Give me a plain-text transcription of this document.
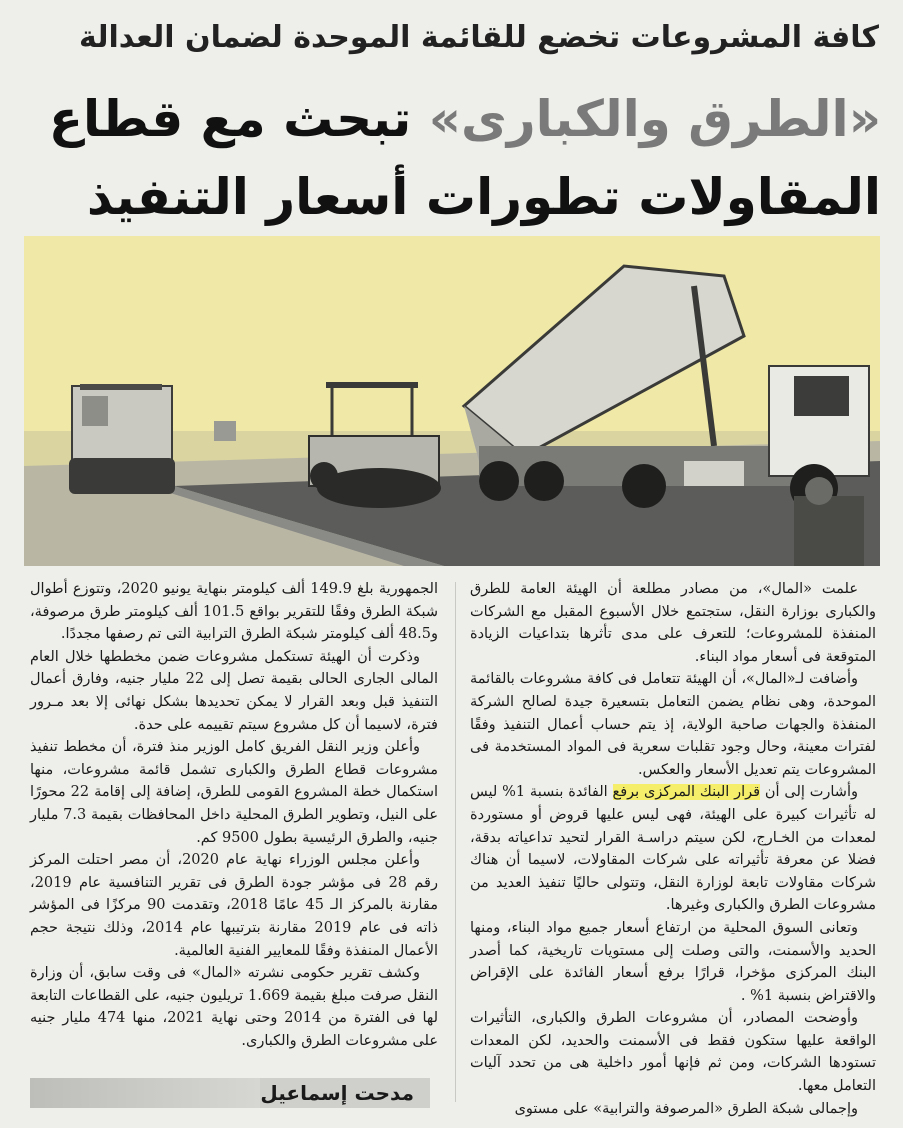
كافة المشروعات تخضع للقائمة الموحدة لضمان العدالة
«الطرق والكبارى» تبحث مع قطاع
المقاولات تطورات أسعار التنفيذ

علمت «المال»، من مصادر مطلعة أن الهيئة العامة للطرق والكبارى بوزارة النقل، ستجتمع خلال الأسبوع المقبل مع الشركات المنفذة للمشروعات؛ للتعرف على مدى تأثرها بتداعيات الزيادة المتوقعة فى أسعار مواد البناء.

وأضافت لـ«المال»، أن الهيئة تتعامل فى كافة مشروعات بالقائمة الموحدة، وهى نظام يضمن التعامل بتسعيرة جيدة لصالح الشركة المنفذة والجهات صاحبة الولاية، إذ يتم حساب أعمال التنفيذ وفقًا لفترات معينة، وحال وجود تقلبات سعرية فى المواد المستخدمة فى المشروعات يتم تعديل الأسعار والعكس.

وأشارت إلى أن قرار البنك المركزى برفع الفائدة بنسبة 1% ليس له تأثيرات كبيرة على الهيئة، فهى ليس عليها قروض أو مستوردة لمعدات من الخـارج، لكن سيتم دراسـة القرار لتحيد تداعياته بدقة، فضلا عن معرفة تأثيراته على شركات المقاولات، لاسيما أن هناك شركات مقاولات تابعة لوزارة النقل، وتتولى حاليًا تنفيذ العديد من مشروعات الطرق والكبارى وغيرها.

وتعانى السوق المحلية من ارتفاع أسعار جميع مواد البناء، ومنها الحديد والأسمنت، والتى وصلت إلى مستويات تاريخية، كما أصدر البنك المركزى مؤخرا، قرارًا برفع أسعار الفائدة على الإقراض والاقتراض بنسبة 1% .

وأوضحت المصادر، أن مشروعات الطرق والكبارى، التأثيرات الواقعة عليها ستكون فقط فى الأسمنت والحديد، لكن المعدات تستودها الشركات، ومن ثم فإنها أمور داخلية هى من تحدد آليات التعامل معها.

وإجمالى شبكة الطرق «المرصوفة والترابية» على مستوى

الجمهورية بلغ 149.9 ألف كيلومتر بنهاية يونيو 2020، وتتوزع أطوال شبكة الطرق وفقًا للتقرير بواقع 101.5 ألف كيلومتر طرق مرصوفة، و48.5 ألف كيلومتر شبكة الطرق الترابية التى تم رصفها مجددًا.

وذكرت أن الهيئة تستكمل مشروعات ضمن مخططها خلال العام المالى الجارى الحالى بقيمة تصل إلى 22 مليار جنيه، وفارق أعمال التنفيذ قبل وبعد القرار لا يمكن تحديدها بشكل نهائى إلا بعد مـرور فترة، لاسيما أن كل مشروع سيتم تقييمه على حدة.

وأعلن وزير النقل الفريق كامل الوزير منذ فترة، أن مخطط تنفيذ مشروعات قطاع الطرق والكبارى تشمل قائمة مشروعات، منها استكمال خطة المشروع القومى للطرق، إضافة إلى إقامة 22 محورًا على النيل، وتطوير الطرق المحلية داخل المحافظات بقيمة 7.3 مليار جنيه، والطرق الرئيسية بطول 9500 كم.

وأعلن مجلس الوزراء نهاية عام 2020، أن مصر احتلت المركز رقم 28 فى مؤشر جودة الطرق فى تقرير التنافسية عام 2019، مقارنة بالمركز الـ 45 عامًا 2018، وتقدمت 90 مركزًا فى المؤشر ذاته فى عام 2019 مقارنة بترتيبها عام 2014، وذلك نتيجة حجم الأعمال المنفذة وفقًا للمعايير الفنية العالمية.

وكشف تقرير حكومى نشرته «المال» فى وقت سابق، أن وزارة النقل صرفت مبلغ بقيمة 1.669 تريليون جنيه، على القطاعات التابعة لها فى الفترة من 2014 وحتى نهاية 2021، منها 474 مليار جنيه على مشروعات الطرق والكبارى.

مدحت إسماعيل
